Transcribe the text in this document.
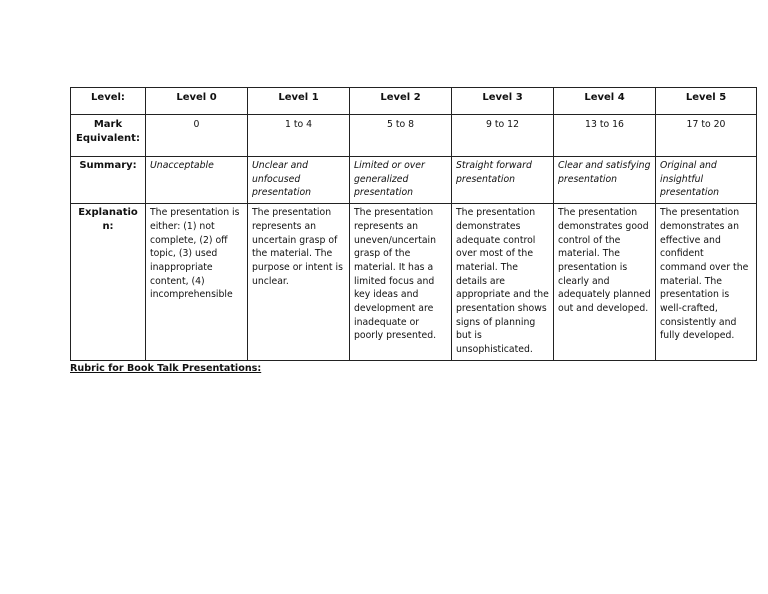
Level:	Level 0	Level 1	Level 2	Level 3	Level 4	Level 5
Mark Equivalent:	0	1 to 4	5 to 8	9 to 12	13 to 16	17 to 20
Summary:	Unacceptable	Unclear and unfocused presentation	Limited or over generalized presentation	Straight forward presentation	Clear and satisfying presentation	Original and insightful presentation
Explanation:	The presentation is either: (1) not complete, (2) off topic, (3) used inappropriate content, (4) incomprehensible	The presentation represents an uncertain grasp of the material. The purpose or intent is unclear.	The presentation represents an uneven/uncertain grasp of the material. It has a limited focus and key ideas and development are inadequate or poorly presented.	The presentation demonstrates adequate control over most of the material. The details are appropriate and the presentation shows signs of planning but is unsophisticated.	The presentation demonstrates good control of the material. The presentation is clearly and adequately planned out and developed.	The presentation demonstrates an effective and confident command over the material. The presentation is well-crafted, consistently and fully developed.
Rubric for Book Talk Presentations:
